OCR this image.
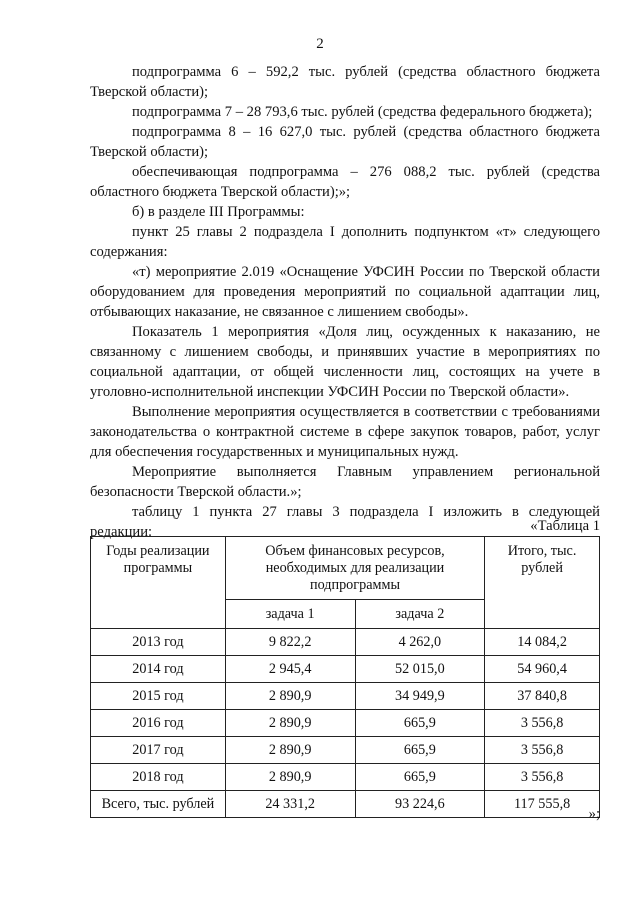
2

подпрограмма 6 – 592,2 тыс. рублей (средства областного бюджета Тверской области);

подпрограмма 7 – 28 793,6 тыс. рублей (средства федерального бюджета);

подпрограмма 8 – 16 627,0 тыс. рублей (средства областного бюджета Тверской области);

обеспечивающая подпрограмма – 276 088,2 тыс. рублей (средства областного бюджета Тверской области);»;

б) в разделе III Программы:

пункт 25 главы 2 подраздела I дополнить подпунктом «т» следующего содержания:

«т) мероприятие 2.019 «Оснащение УФСИН России по Тверской области оборудованием для проведения мероприятий по социальной адаптации лиц, отбывающих наказание, не связанное с лишением свободы».

Показатель 1 мероприятия «Доля лиц, осужденных к наказанию, не связанному с лишением свободы, и принявших участие в мероприятиях по социальной адаптации, от общей численности лиц, состоящих на учете в уголовно-исполнительной инспекции УФСИН России по Тверской области».

Выполнение мероприятия осуществляется в соответствии с требованиями законодательства о контрактной системе в сфере закупок товаров, работ, услуг для обеспечения государственных и муниципальных нужд.

Мероприятие выполняется Главным управлением региональной безопасности Тверской области.»;

таблицу 1 пункта 27 главы 3 подраздела I изложить в следующей редакции:	«Таблица 1
Годы реализации программы	Объем финансовых ресурсов, необходимых для реализации подпрограммы		Итого, тыс. рублей
	задача 1	задача 2	
2013 год	9 822,2	4 262,0	14 084,2
2014 год	2 945,4	52 015,0	54 960,4
2015 год	2 890,9	34 949,9	37 840,8
2016 год	2 890,9	665,9	3 556,8
2017 год	2 890,9	665,9	3 556,8
2018 год	2 890,9	665,9	3 556,8
Всего, тыс. рублей	24 331,2	93 224,6	117 555,8
»;
